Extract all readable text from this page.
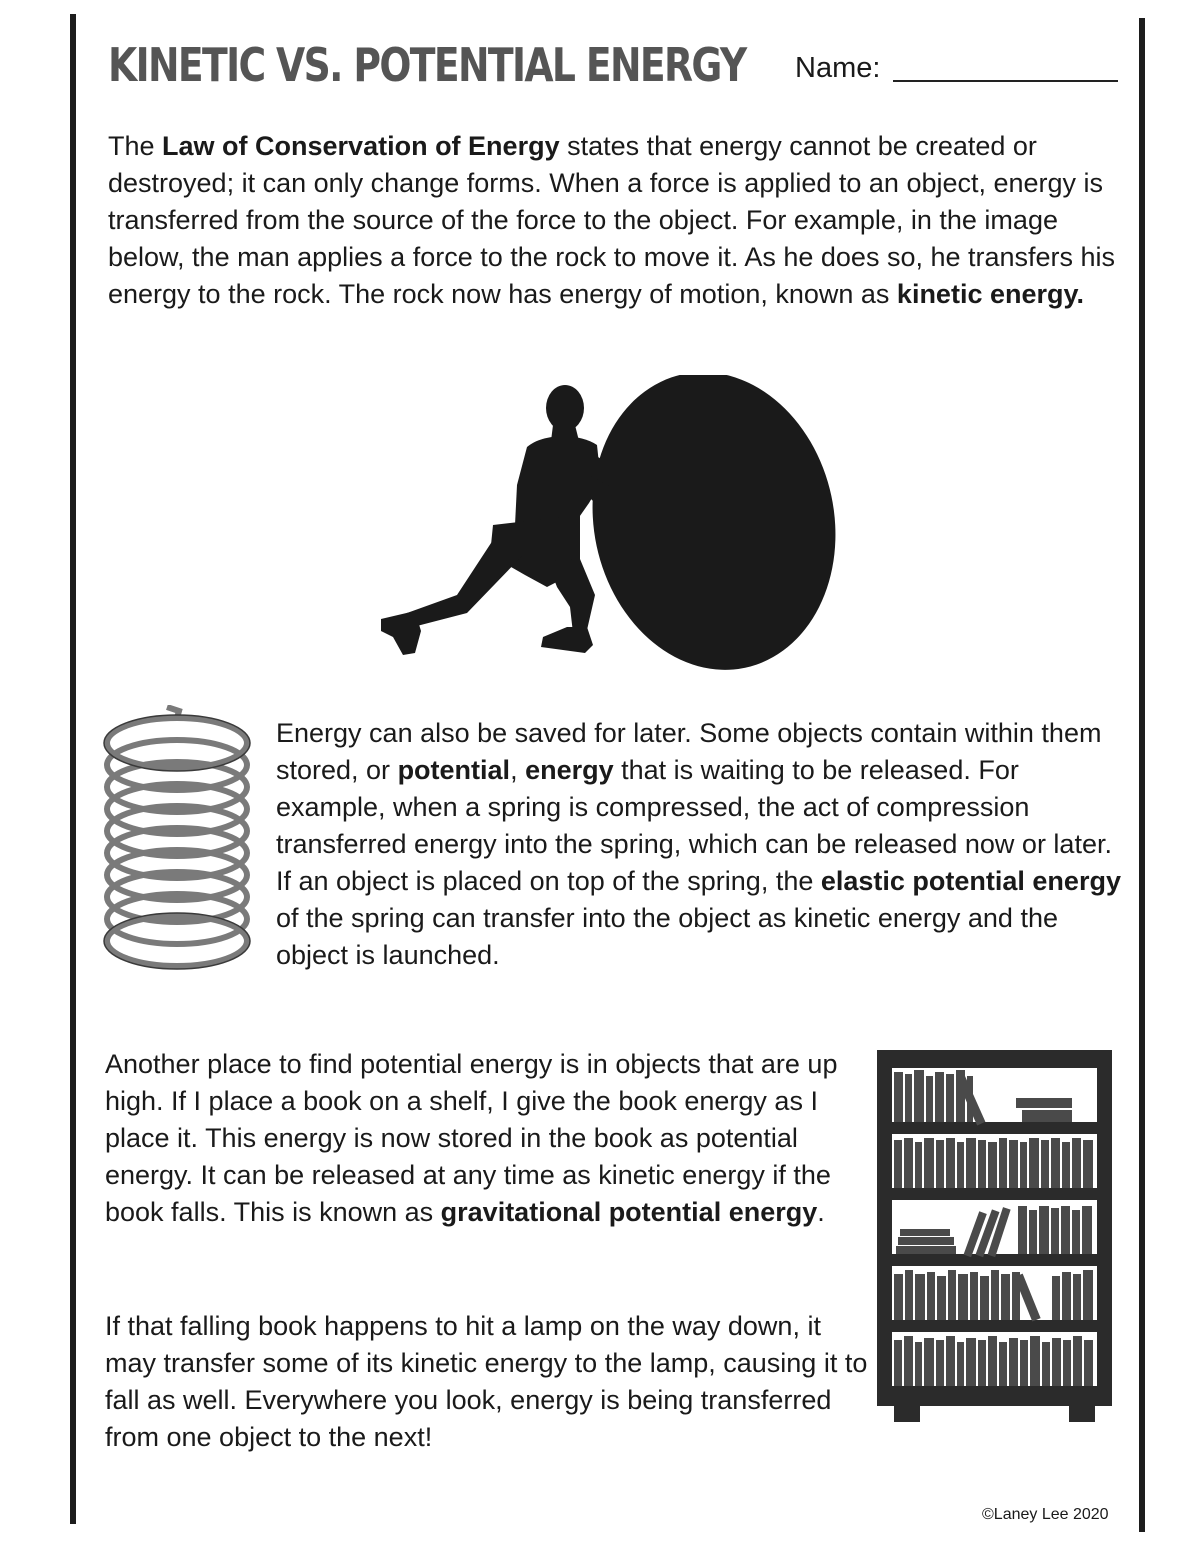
KINETIC VS. POTENTIAL ENERGY Name:

The Law of Conservation of Energy states that energy cannot be created or destroyed; it can only change forms. When a force is applied to an object, energy is transferred from the source of the force to the object. For example, in the image below, the man applies a force to the rock to move it. As he does so, he transfers his energy to the rock. The rock now has energy of motion, known as kinetic energy.

Energy can also be saved for later. Some objects contain within them stored, or potential, energy that is waiting to be released. For example, when a spring is compressed, the act of compression transferred energy into the spring, which can be released now or later. If an object is placed on top of the spring, the elastic potential energy of the spring can transfer into the object as kinetic energy and the object is launched.

Another place to find potential energy is in objects that are up high. If I place a book on a shelf, I give the book energy as I place it. This energy is now stored in the book as potential energy. It can be released at any time as kinetic energy if the book falls. This is known as gravitational potential energy.

If that falling book happens to hit a lamp on the way down, it may transfer some of its kinetic energy to the lamp, causing it to fall as well. Everywhere you look, energy is being transferred from one object to the next!

©Laney Lee 2020
